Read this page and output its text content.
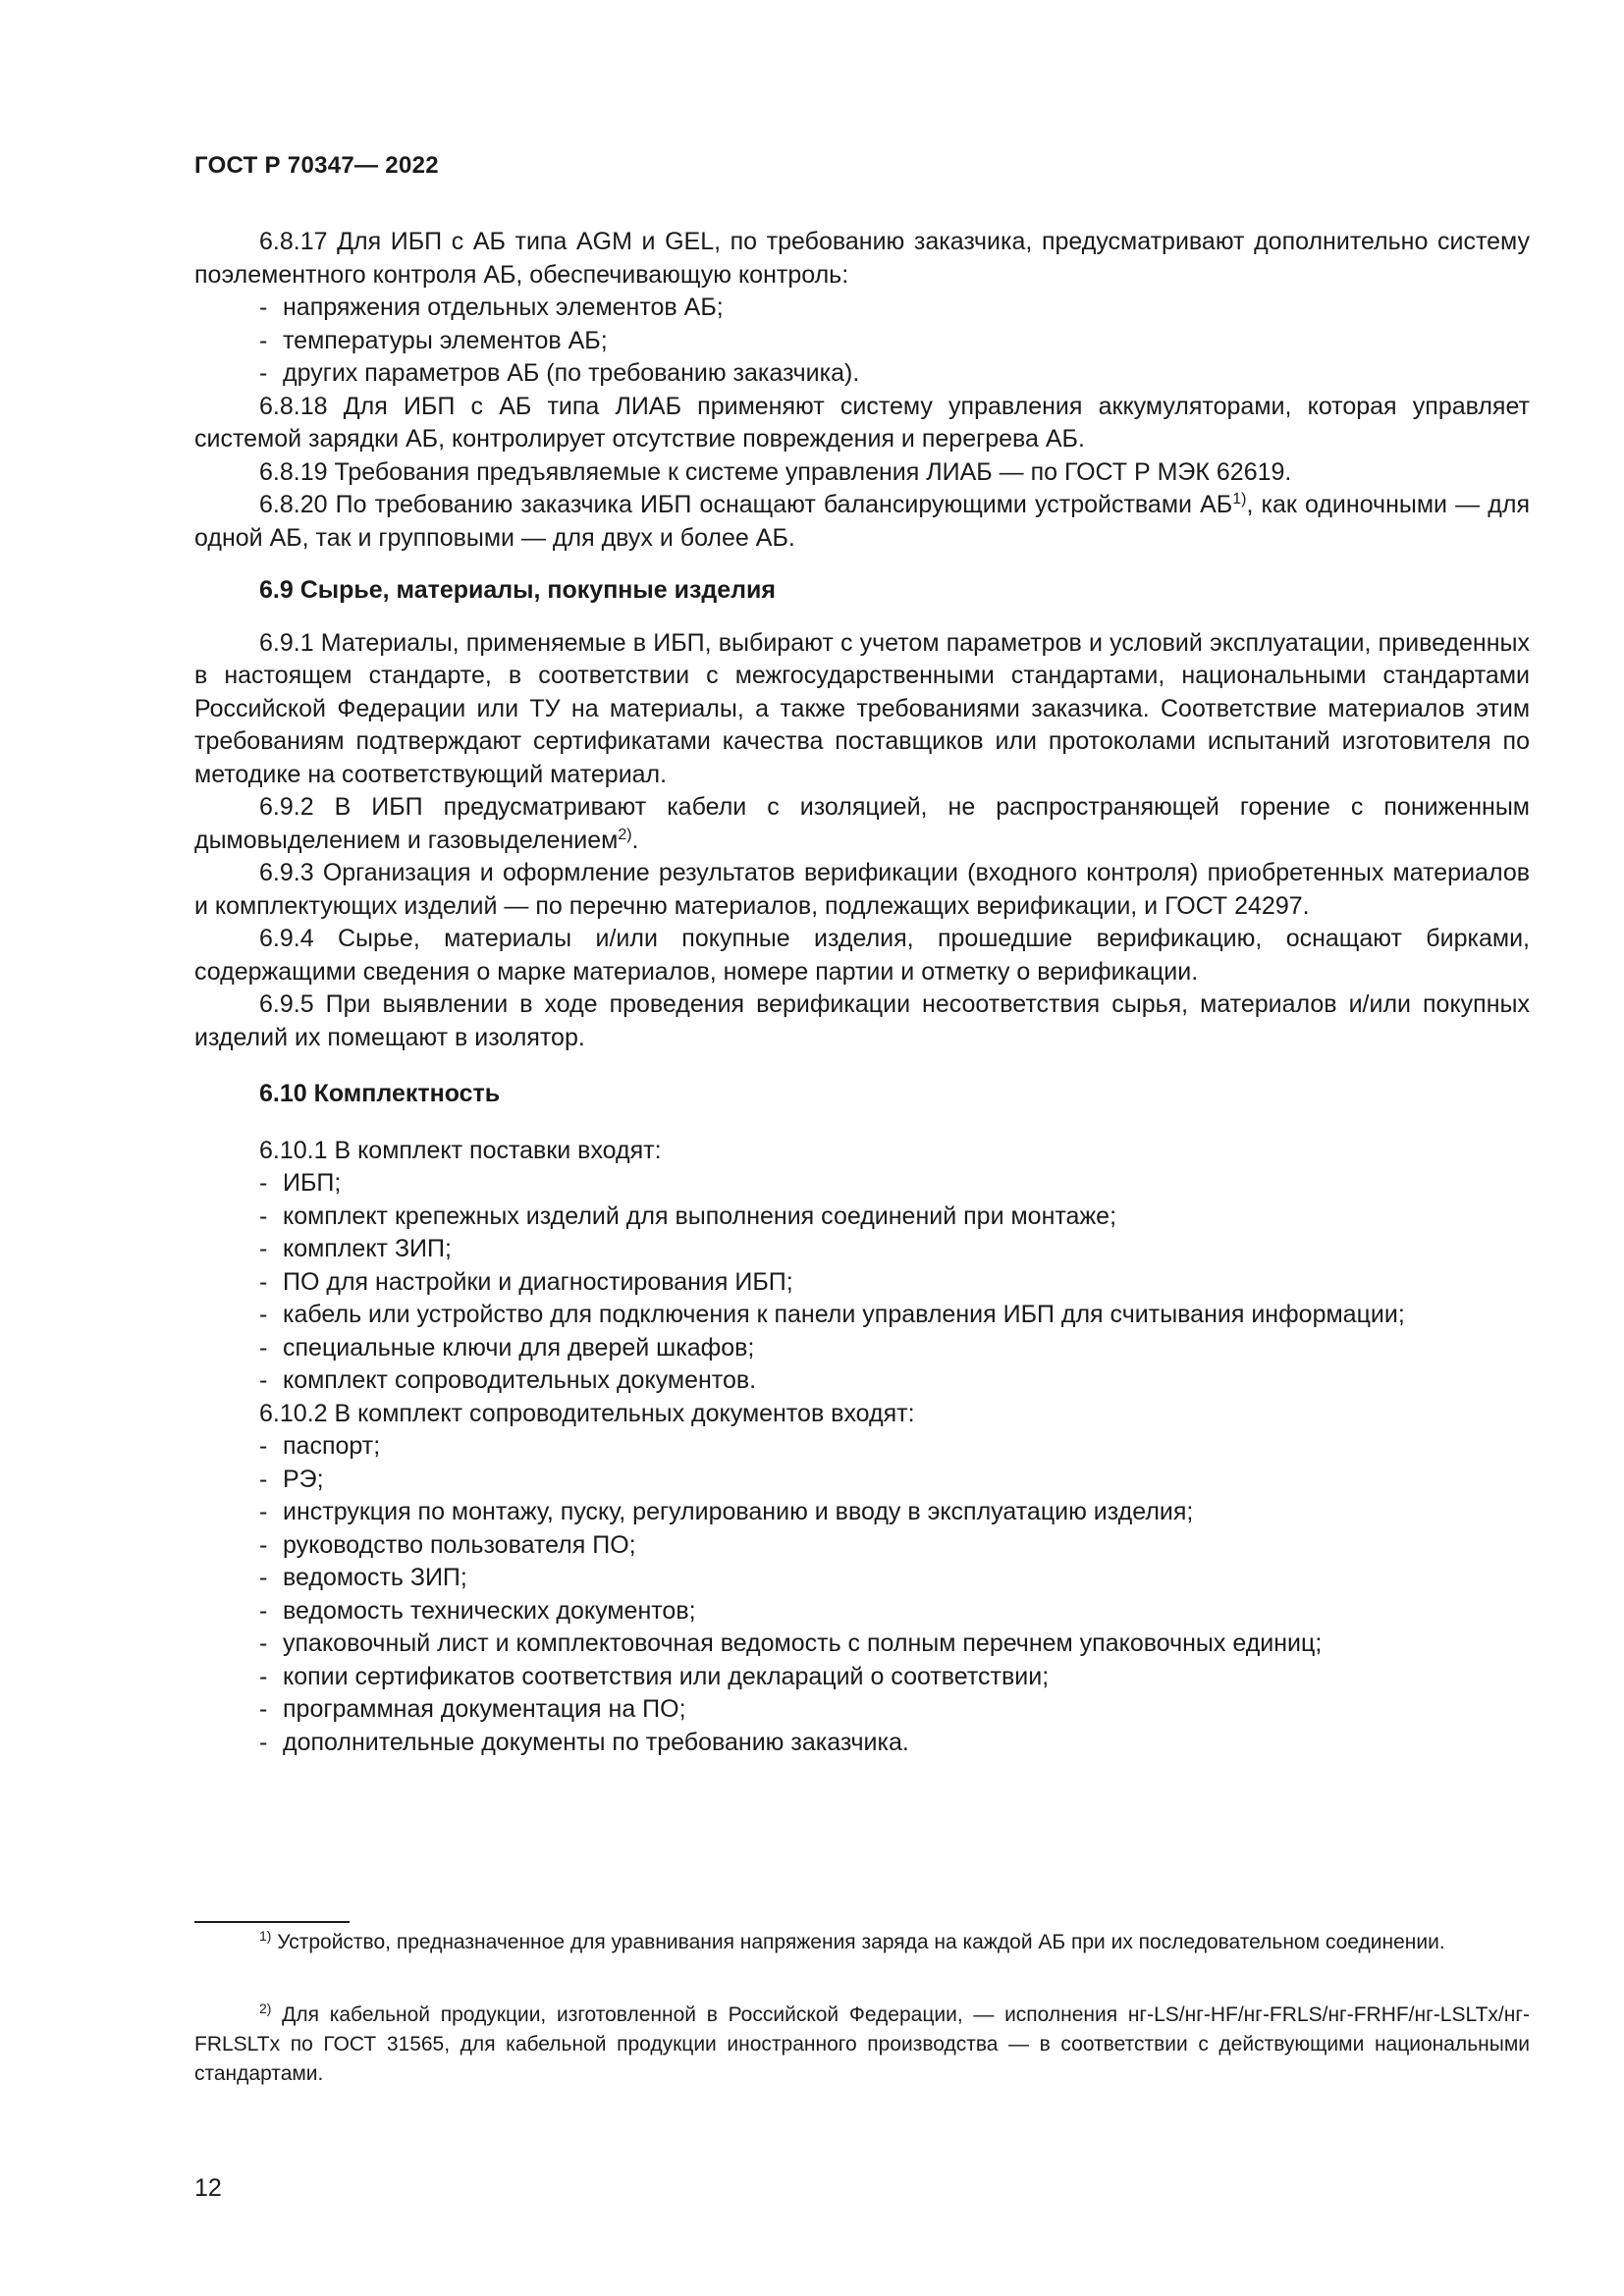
ГОСТ Р 70347— 2022

6.8.17 Для ИБП с АБ типа AGM и GEL, по требованию заказчика, предусматривают дополнительно систему поэлементного контроля АБ, обеспечивающую контроль:

- напряжения отдельных элементов АБ;

- температуры элементов АБ;

- других параметров АБ (по требованию заказчика).

6.8.18 Для ИБП с АБ типа ЛИАБ применяют систему управления аккумуляторами, которая управляет системой зарядки АБ, контролирует отсутствие повреждения и перегрева АБ.

6.8.19 Требования предъявляемые к системе управления ЛИАБ — по ГОСТ Р МЭК 62619.

6.8.20 По требованию заказчика ИБП оснащают балансирующими устройствами АБ$^{1)}$, как одиночными — для одной АБ, так и групповыми — для двух и более АБ.

6.9 Сырье, материалы, покупные изделия

6.9.1 Материалы, применяемые в ИБП, выбирают с учетом параметров и условий эксплуатации, приведенных в настоящем стандарте, в соответствии с межгосударственными стандартами, национальными стандартами Российской Федерации или ТУ на материалы, а также требованиями заказчика. Соответствие материалов этим требованиям подтверждают сертификатами качества поставщиков или протоколами испытаний изготовителя по методике на соответствующий материал.

6.9.2 В ИБП предусматривают кабели с изоляцией, не распространяющей горение с пониженным дымовыделением и газовыделением$^{2)}$.

6.9.3 Организация и оформление результатов верификации (входного контроля) приобретенных материалов и комплектующих изделий — по перечню материалов, подлежащих верификации, и ГОСТ 24297.

6.9.4 Сырье, материалы и/или покупные изделия, прошедшие верификацию, оснащают бирками, содержащими сведения о марке материалов, номере партии и отметку о верификации.

6.9.5 При выявлении в ходе проведения верификации несоответствия сырья, материалов и/или покупных изделий их помещают в изолятор.

6.10 Комплектность

6.10.1 В комплект поставки входят:

- ИБП;

- комплект крепежных изделий для выполнения соединений при монтаже;

- комплект ЗИП;

- ПО для настройки и диагностирования ИБП;

- кабель или устройство для подключения к панели управления ИБП для считывания информации;

- специальные ключи для дверей шкафов;

- комплект сопроводительных документов.

6.10.2 В комплект сопроводительных документов входят:

- паспорт;

- РЭ;

- инструкция по монтажу, пуску, регулированию и вводу в эксплуатацию изделия;

- руководство пользователя ПО;

- ведомость ЗИП;

- ведомость технических документов;

- упаковочный лист и комплектовочная ведомость с полным перечнем упаковочных единиц;

- копии сертификатов соответствия или деклараций о соответствии;

- программная документация на ПО;

- дополнительные документы по требованию заказчика.

$^{1)}$ Устройство, предназначенное для уравнивания напряжения заряда на каждой АБ при их последовательном соединении.

$^{2)}$ Для кабельной продукции, изготовленной в Российской Федерации, — исполнения нг-LS/нг-HF/нг-FRLS/нг-FRHF/нг-LSLTx/нг-FRLSLTx по ГОСТ 31565, для кабельной продукции иностранного производства — в соответствии с действующими национальными стандартами.

12
